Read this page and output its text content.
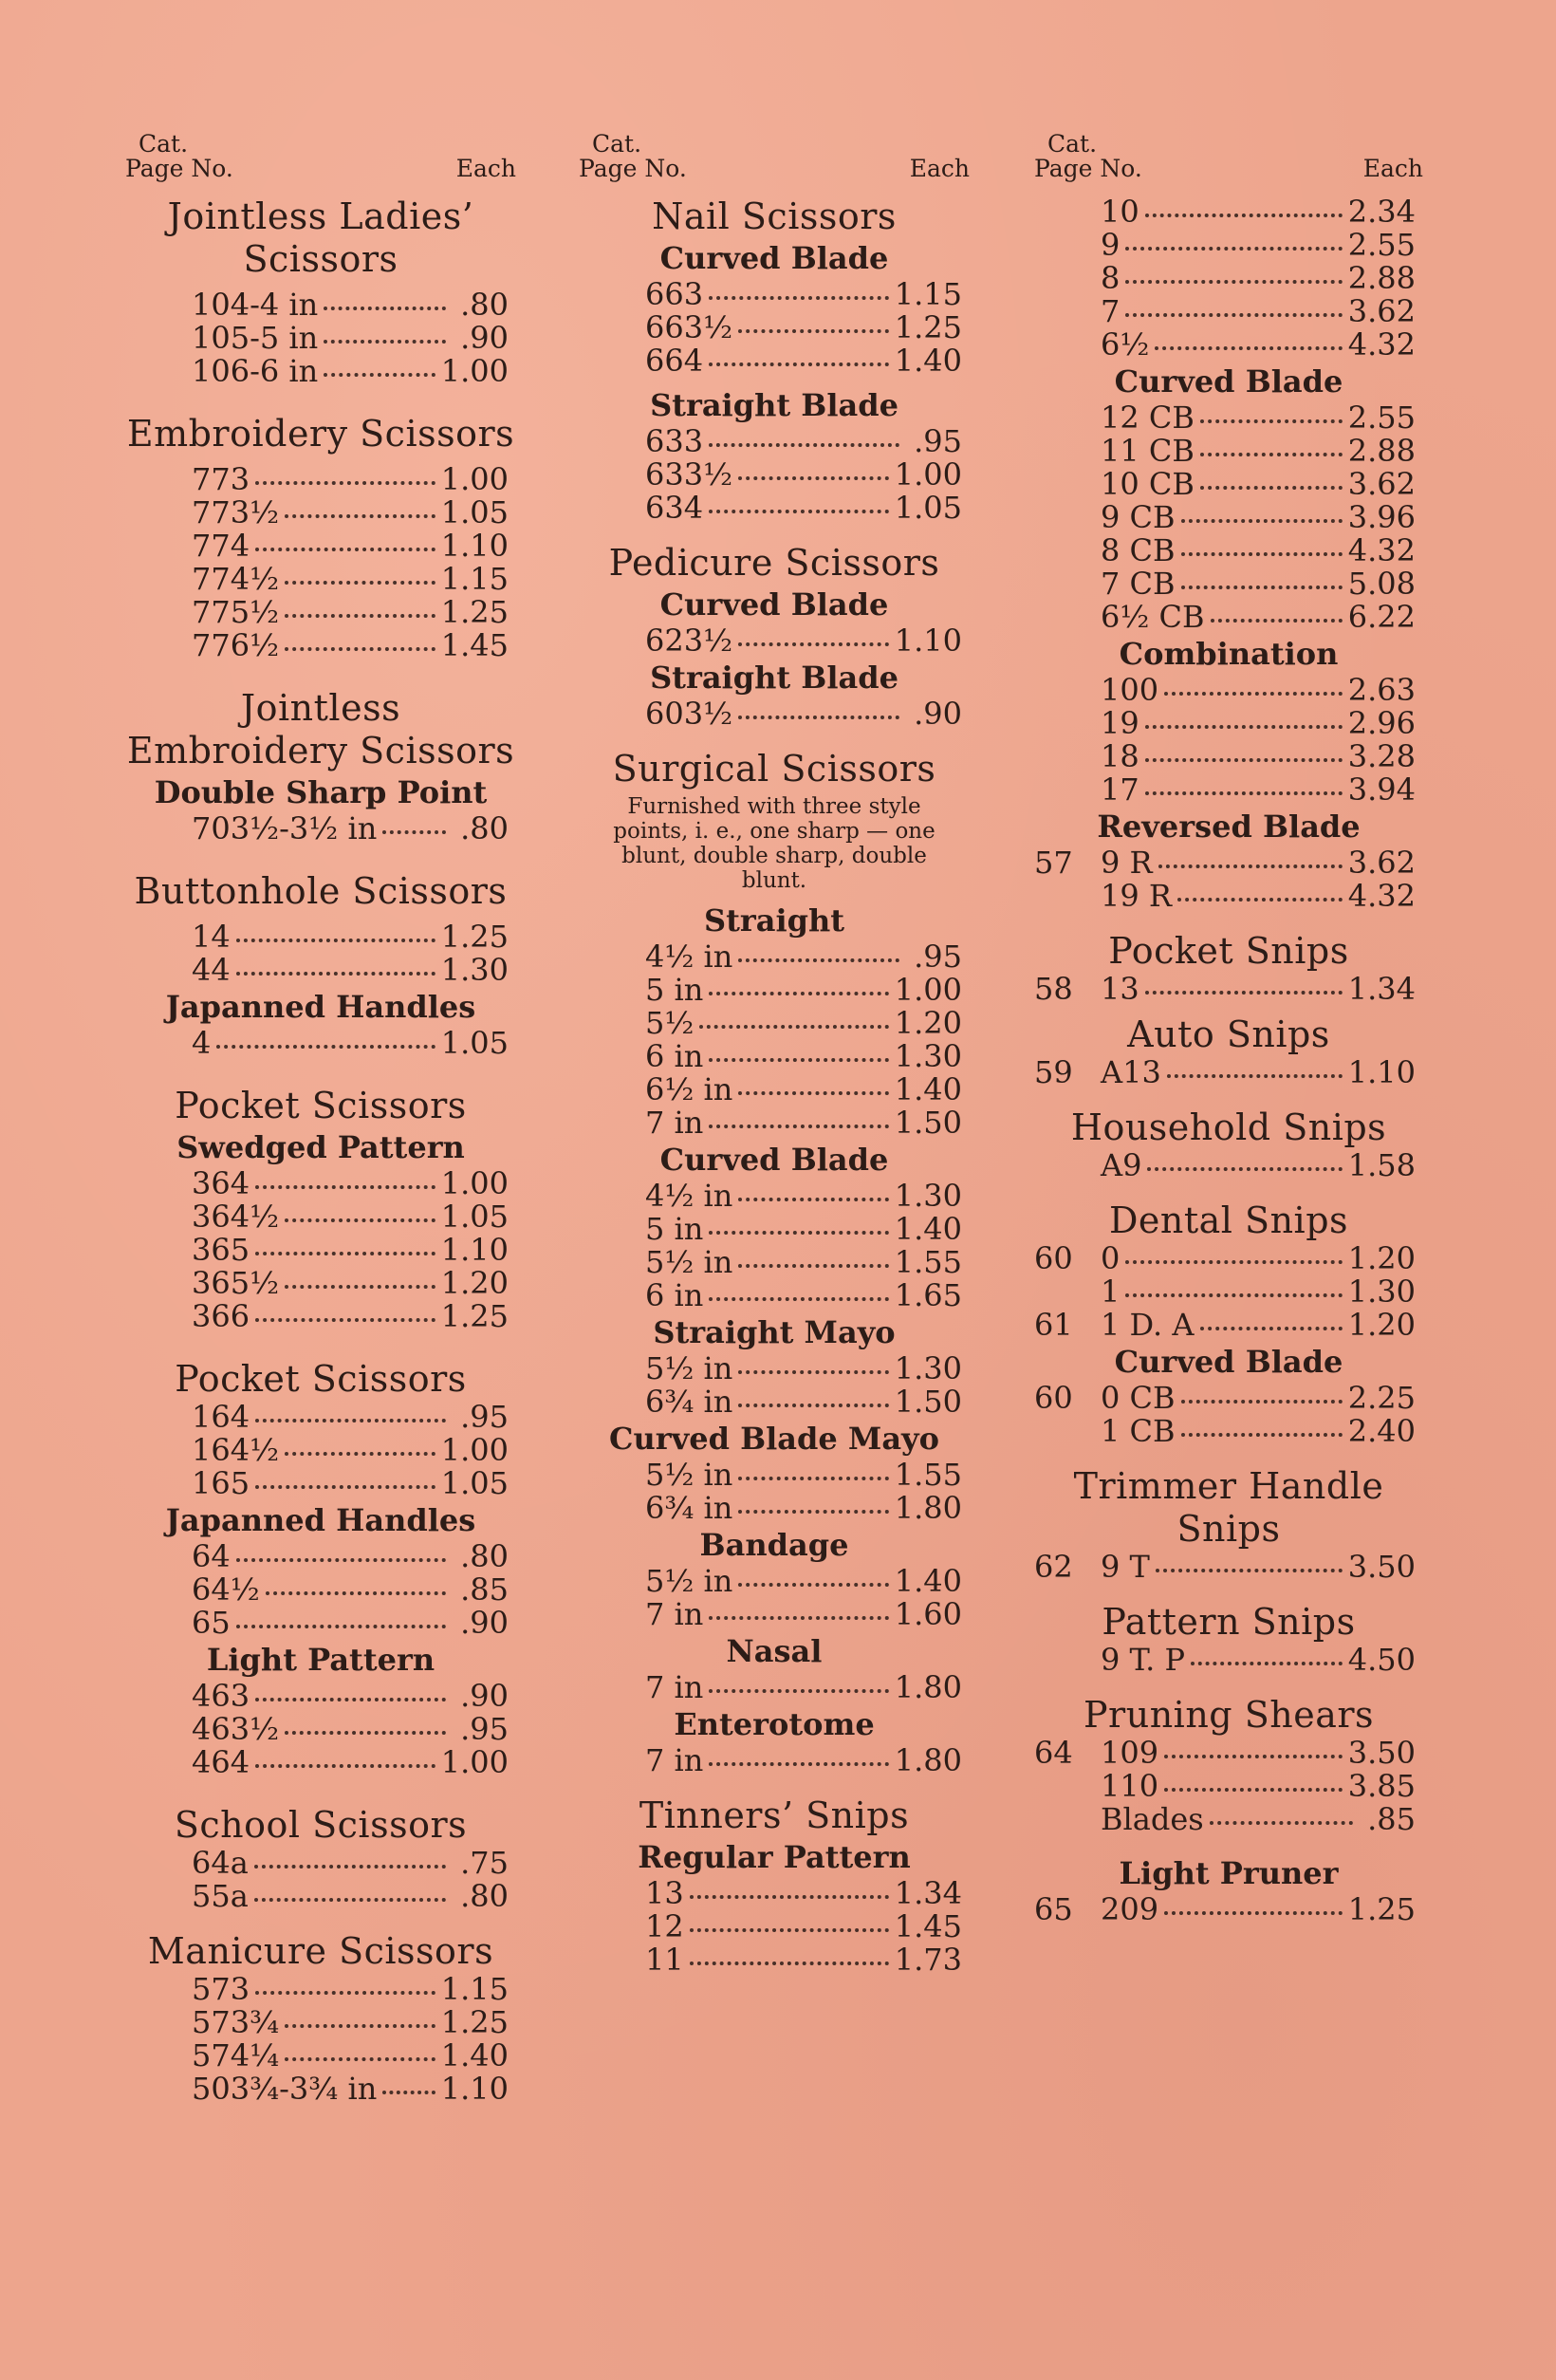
Cat.
Page No.	Each
Jointless Ladies’
Scissors
104-4 in	.80
105-5 in	.90
106-6 in	1.00
Embroidery Scissors
773	1.00
773½	1.05
774	1.10
774½	1.15
775½	1.25
776½	1.45
Jointless
Embroidery Scissors
Double Sharp Point
703½-3½ in	.80
Buttonhole Scissors
14	1.25
44	1.30
Japanned Handles
4	1.05
Pocket Scissors
Swedged Pattern
364	1.00
364½	1.05
365	1.10
365½	1.20
366	1.25
Pocket Scissors
164	.95
164½	1.00
165	1.05
Japanned Handles
64	.80
64½	.85
65	.90
Light Pattern
463	.90
463½	.95
464	1.00
School Scissors
64a	.75
55a	.80
Manicure Scissors
573	1.15
573¾	1.25
574¼	1.40
503¾-3¾ in 1.10
Cat.
Page No.	Each
Nail Scissors
Curved Blade
663	1.15
663½	1.25
664	1.40
Straight Blade
633	.95
633½	1.00
634	1.05
Pedicure Scissors
Curved Blade
623½	1.10
Straight Blade
603½	.90
Surgical Scissors
Furnished with three style points, i. e., one sharp — one blunt, double sharp, double blunt.
Straight
4½ in	.95
5 in	1.00
5½	1.20
6 in	1.30
6½ in	1.40
7 in	1.50
Curved Blade
4½ in	1.30
5 in	1.40
5½ in	1.55
6 in	1.65
Straight Mayo
5½ in	1.30
6¾ in	1.50
Curved Blade Mayo
5½ in	1.55
6¾ in	1.80
Bandage
5½ in	1.40
7 in	1.60
Nasal
7 in	1.80
Enterotome
7 in	1.80
Tinners’ Snips
Regular Pattern
13	1.34
12	1.45
11	1.73
Cat.
Page No.	Each
10	2.34
9	2.55
8	2.88
7	3.62
6½	4.32
Curved Blade
12 CB	2.55
11 CB	2.88
10 CB	3.62
9 CB	3.96
8 CB	4.32
7 CB	5.08
6½ CB	6.22
Combination
100	2.63
19	2.96
18	3.28
17	3.94
Reversed Blade
57 9 R	3.62
19 R	4.32
Pocket Snips
58 13	1.34
Auto Snips
59 A13	1.10
Household Snips
A9	1.58
Dental Snips
60 0	1.20
1	1.30
61 1 D. A	1.20
Curved Blade
60 0 CB	2.25
1 CB	2.40
Trimmer Handle
Snips
62 9 T	3.50
Pattern Snips
9 T. P	4.50
Pruning Shears
64 109	3.50
110	3.85
Blades	.85
Light Pruner
65 209	1.25
